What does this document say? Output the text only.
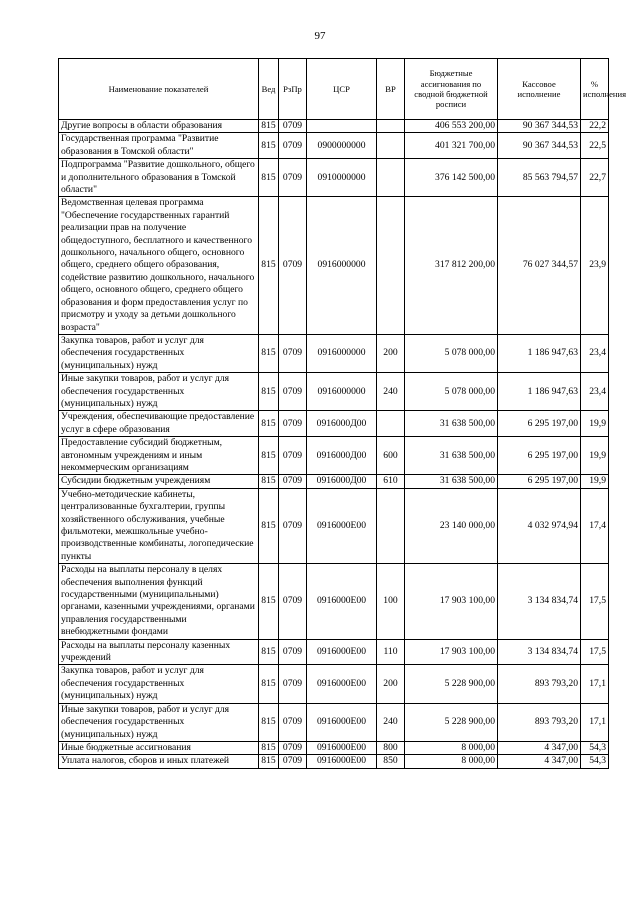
97
Наименование показателей	Вед	РзПр	ЦСР	ВР	Бюджетные ассигнования по сводной бюджетной росписи	Кассовое исполнение	% исполнения
Другие вопросы в области образования	815	0709			406 553 200,00	90 367 344,53	22,2
Государственная программа "Развитие образования в Томской области"	815	0709	0900000000		401 321 700,00	90 367 344,53	22,5
Подпрограмма "Развитие дошкольного, общего и дополнительного образования в Томской области"	815	0709	0910000000		376 142 500,00	85 563 794,57	22,7
Ведомственная целевая программа "Обеспечение государственных гарантий реализации прав на получение общедоступного, бесплатного и качественного дошкольного, начального общего, основного общего, среднего общего образования, содействие развитию дошкольного, начального общего, основного общего, среднего общего образования и форм предоставления услуг по присмотру и уходу за детьми дошкольного возраста"	815	0709	0916000000		317 812 200,00	76 027 344,57	23,9
Закупка товаров, работ и услуг для обеспечения государственных (муниципальных) нужд	815	0709	0916000000	200	5 078 000,00	1 186 947,63	23,4
Иные закупки товаров, работ и услуг для обеспечения государственных (муниципальных) нужд	815	0709	0916000000	240	5 078 000,00	1 186 947,63	23,4
Учреждения, обеспечивающие предоставление услуг в сфере образования	815	0709	0916000Д00		31 638 500,00	6 295 197,00	19,9
Предоставление субсидий бюджетным, автономным учреждениям и иным некоммерческим организациям	815	0709	0916000Д00	600	31 638 500,00	6 295 197,00	19,9
Субсидии бюджетным учреждениям	815	0709	0916000Д00	610	31 638 500,00	6 295 197,00	19,9
Учебно-методические кабинеты, централизованные бухгалтерии, группы хозяйственного обслуживания, учебные фильмотеки, межшкольные учебно-производственные комбинаты, логопедические пункты	815	0709	0916000Е00		23 140 000,00	4 032 974,94	17,4
Расходы на выплаты персоналу в целях обеспечения выполнения функций государственными (муниципальными) органами, казенными учреждениями, органами управления государственными внебюджетными фондами	815	0709	0916000Е00	100	17 903 100,00	3 134 834,74	17,5
Расходы на выплаты персоналу казенных учреждений	815	0709	0916000Е00	110	17 903 100,00	3 134 834,74	17,5
Закупка товаров, работ и услуг для обеспечения государственных (муниципальных) нужд	815	0709	0916000Е00	200	5 228 900,00	893 793,20	17,1
Иные закупки товаров, работ и услуг для обеспечения государственных (муниципальных) нужд	815	0709	0916000Е00	240	5 228 900,00	893 793,20	17,1
Иные бюджетные ассигнования	815	0709	0916000Е00	800	8 000,00	4 347,00	54,3
Уплата налогов, сборов и иных платежей	815	0709	0916000Е00	850	8 000,00	4 347,00	54,3
